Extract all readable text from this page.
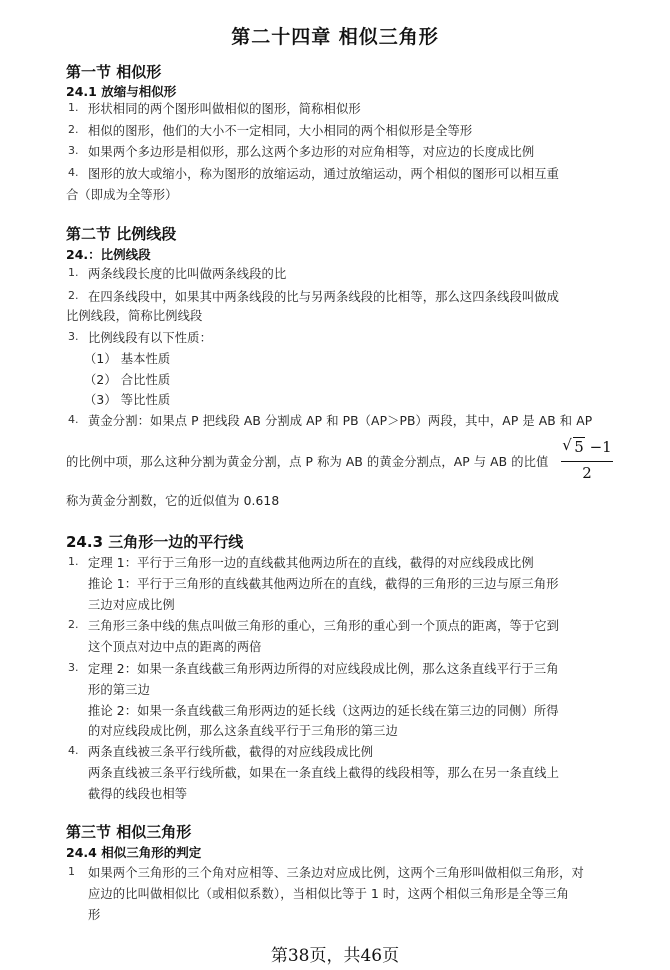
第二十四章 相似三角形
第一节 相似形
24.1 放缩与相似形
1. 形状相同的两个图形叫做相似的图形，简称相似形
2. 相似的图形，他们的大小不一定相同，大小相同的两个相似形是全等形
3. 如果两个多边形是相似形，那么这两个多边形的对应角相等，对应边的长度成比例
4. 图形的放大或缩小，称为图形的放缩运动，通过放缩运动，两个相似的图形可以相互重
合（即成为全等形）
第二节 比例线段
24.：比例线段
1. 两条线段长度的比叫做两条线段的比
2. 在四条线段中，如果其中两条线段的比与另两条线段的比相等，那么这四条线段叫做成
比例线段，简称比例线段
3. 比例线段有以下性质：
（1） 基本性质
（2） 合比性质
（3） 等比性质
4. 黄金分割：如果点 P 把线段 AB 分割成 AP 和 PB（AP＞PB）两段，其中，AP 是 AB 和 AP
的比例中项，那么这种分割为黄金分割，点 P 称为 AB 的黄金分割点，AP 与 AB 的比值
√ 5 −1
2
称为黄金分割数，它的近似值为 0.618
24.3 三角形一边的平行线
1. 定理 1：平行于三角形一边的直线截其他两边所在的直线，截得的对应线段成比例
推论 1：平行于三角形的直线截其他两边所在的直线，截得的三角形的三边与原三角形
三边对应成比例
2. 三角形三条中线的焦点叫做三角形的重心，三角形的重心到一个顶点的距离，等于它到
这个顶点对边中点的距离的两倍
3. 定理 2：如果一条直线截三角形两边所得的对应线段成比例，那么这条直线平行于三角
形的第三边
推论 2：如果一条直线截三角形两边的延长线（这两边的延长线在第三边的同侧）所得
的对应线段成比例，那么这条直线平行于三角形的第三边
4. 两条直线被三条平行线所截，截得的对应线段成比例
两条直线被三条平行线所截，如果在一条直线上截得的线段相等，那么在另一条直线上
截得的线段也相等
第三节 相似三角形
24.4 相似三角形的判定
1 如果两个三角形的三个角对应相等、三条边对应成比例，这两个三角形叫做相似三角形，对
应边的比叫做相似比（或相似系数），当相似比等于 1 时，这两个相似三角形是全等三角
形
第38页，共46页
